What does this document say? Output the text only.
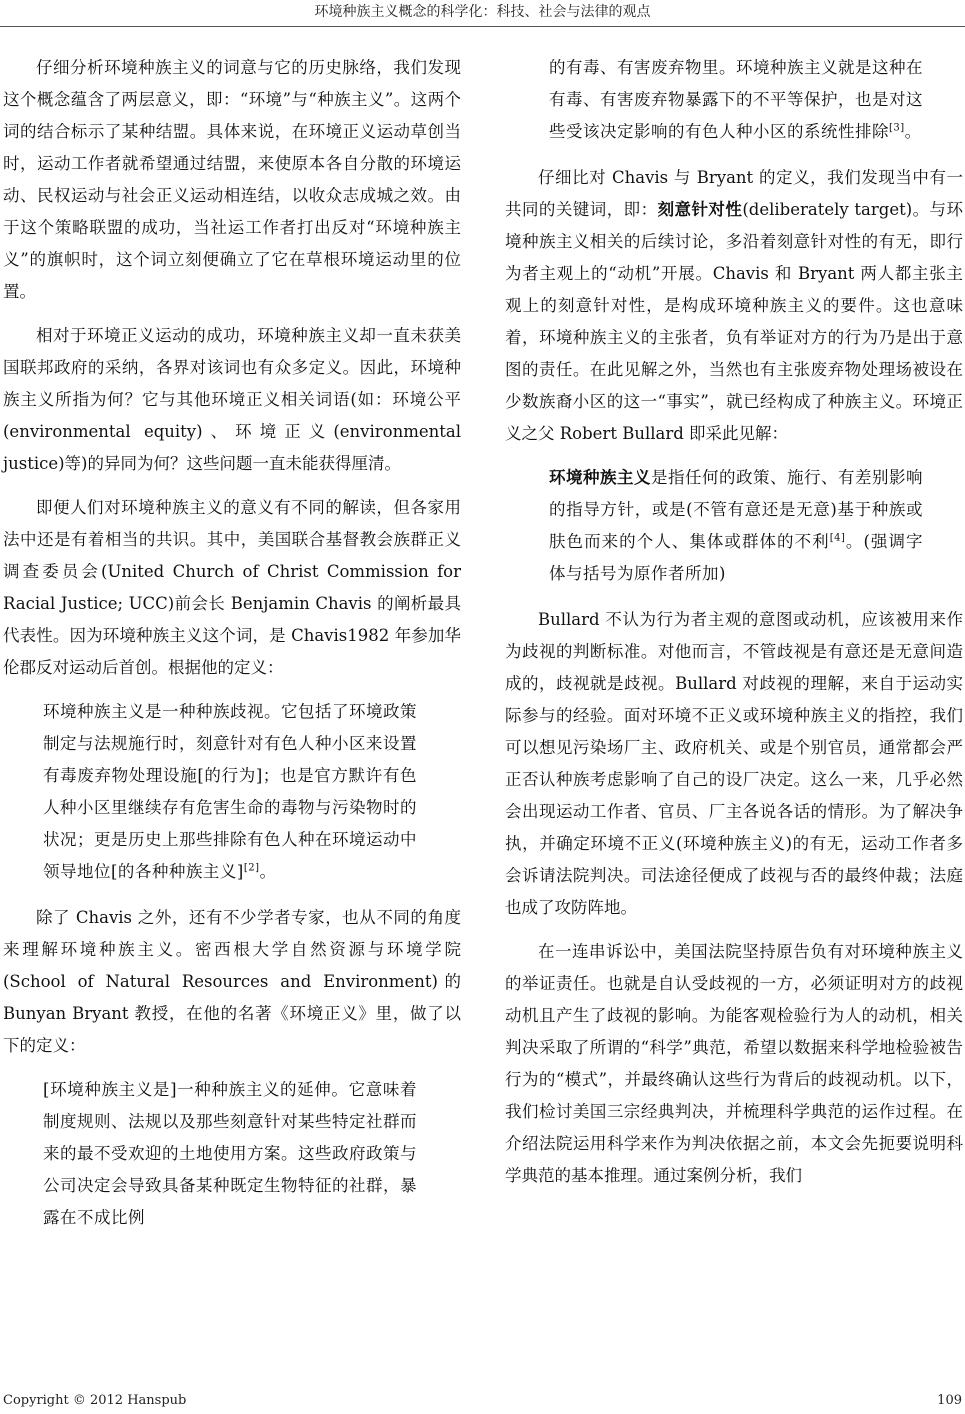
环境种族主义概念的科学化：科技、社会与法律的观点

仔细分析环境种族主义的词意与它的历史脉络，我们发现这个概念蕴含了两层意义，即：“环境”与“种族主义”。这两个词的结合标示了某种结盟。具体来说，在环境正义运动草创当时，运动工作者就希望通过结盟，来使原本各自分散的环境运动、民权运动与社会正义运动相连结，以收众志成城之效。由于这个策略联盟的成功，当社运工作者打出反对“环境种族主义”的旗帜时，这个词立刻便确立了它在草根环境运动里的位置。

相对于环境正义运动的成功，环境种族主义却一直未获美国联邦政府的采纳，各界对该词也有众多定义。因此，环境种族主义所指为何？它与其他环境正义相关词语(如：环境公平(environmental equity)、环境正义(environmental justice)等)的异同为何？这些问题一直未能获得厘清。

即便人们对环境种族主义的意义有不同的解读，但各家用法中还是有着相当的共识。其中，美国联合基督教会族群正义调查委员会(United Church of Christ Commission for Racial Justice; UCC)前会长 Benjamin Chavis 的阐析最具代表性。因为环境种族主义这个词，是 Chavis1982 年参加华伦郡反对运动后首创。根据他的定义：

环境种族主义是一种种族歧视。它包括了环境政策制定与法规施行时，刻意针对有色人种小区来设置有毒废弃物处理设施[的行为]；也是官方默许有色人种小区里继续存有危害生命的毒物与污染物时的状况；更是历史上那些排除有色人种在环境运动中领导地位[的各种种族主义][2]。

除了 Chavis 之外，还有不少学者专家，也从不同的角度来理解环境种族主义。密西根大学自然资源与环境学院(School of Natural Resources and Environment)的 Bunyan Bryant 教授，在他的名著《环境正义》里，做了以下的定义：

[环境种族主义是]一种种族主义的延伸。它意味着制度规则、法规以及那些刻意针对某些特定社群而来的最不受欢迎的土地使用方案。这些政府政策与公司决定会导致具备某种既定生物特征的社群，暴露在不成比例

的有毒、有害废弃物里。环境种族主义就是这种在有毒、有害废弃物暴露下的不平等保护，也是对这些受该决定影响的有色人种小区的系统性排除[3]。

仔细比对 Chavis 与 Bryant 的定义，我们发现当中有一共同的关键词，即：刻意针对性(deliberately target)。与环境种族主义相关的后续讨论，多沿着刻意针对性的有无，即行为者主观上的“动机”开展。Chavis 和 Bryant 两人都主张主观上的刻意针对性，是构成环境种族主义的要件。这也意味着，环境种族主义的主张者，负有举证对方的行为乃是出于意图的责任。在此见解之外，当然也有主张废弃物处理场被设在少数族裔小区的这一“事实”，就已经构成了种族主义。环境正义之父 Robert Bullard 即采此见解：

环境种族主义是指任何的政策、施行、有差别影响的指导方针，或是(不管有意还是无意)基于种族或肤色而来的个人、集体或群体的不利[4]。(强调字体与括号为原作者所加)

Bullard 不认为行为者主观的意图或动机，应该被用来作为歧视的判断标准。对他而言，不管歧视是有意还是无意间造成的，歧视就是歧视。Bullard 对歧视的理解，来自于运动实际参与的经验。面对环境不正义或环境种族主义的指控，我们可以想见污染场厂主、政府机关、或是个别官员，通常都会严正否认种族考虑影响了自己的设厂决定。这么一来，几乎必然会出现运动工作者、官员、厂主各说各话的情形。为了解决争执，并确定环境不正义(环境种族主义)的有无，运动工作者多会诉请法院判决。司法途径便成了歧视与否的最终仲裁；法庭也成了攻防阵地。

在一连串诉讼中，美国法院坚持原告负有对环境种族主义的举证责任。也就是自认受歧视的一方，必须证明对方的歧视动机且产生了歧视的影响。为能客观检验行为人的动机，相关判决采取了所谓的“科学”典范，希望以数据来科学地检验被告行为的“模式”，并最终确认这些行为背后的歧视动机。以下，我们检讨美国三宗经典判决，并梳理科学典范的运作过程。在介绍法院运用科学来作为判决依据之前，本文会先扼要说明科学典范的基本推理。通过案例分析，我们

Copyright © 2012 Hanspub	109
